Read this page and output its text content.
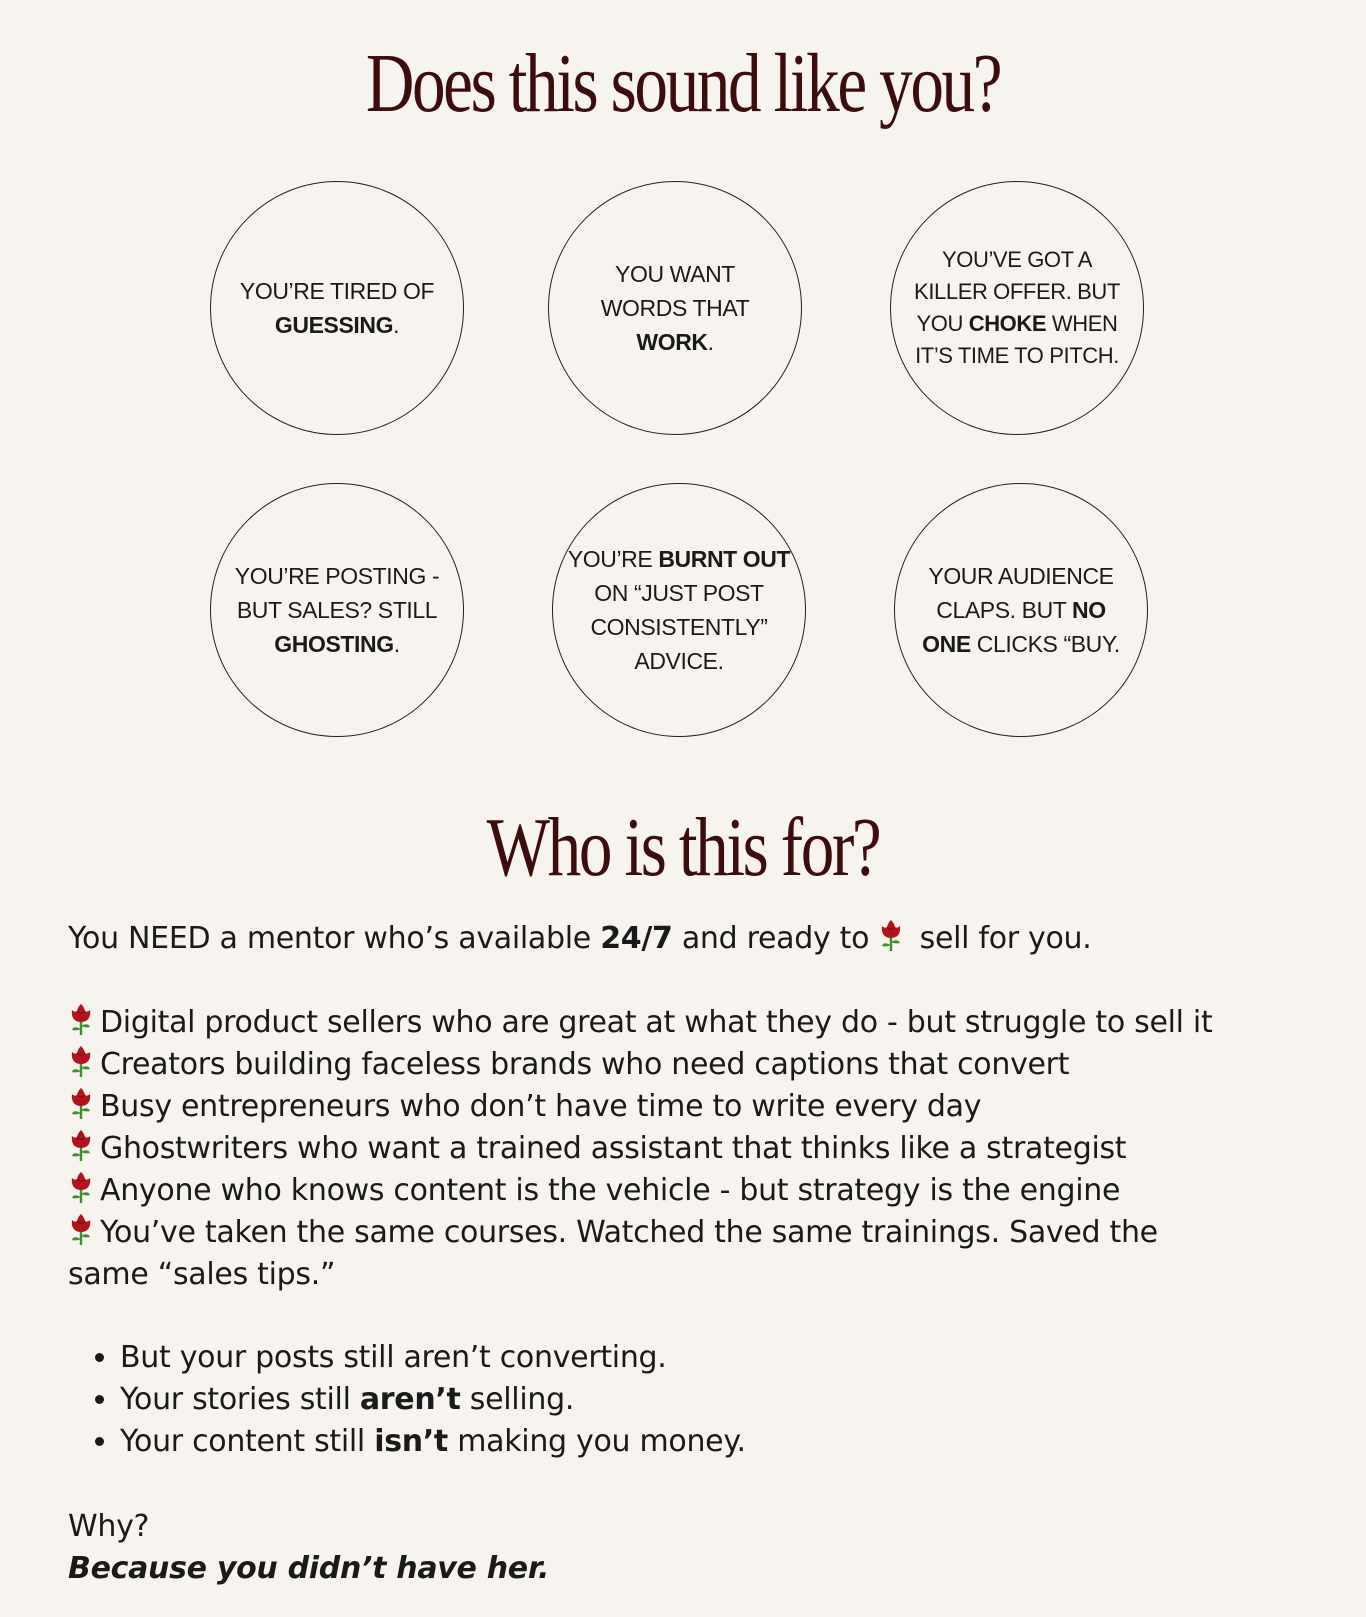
Does this sound like you?
YOU’RE TIRED OF GUESSING.
YOU WANT WORDS THAT WORK.
YOU’VE GOT A KILLER OFFER. BUT YOU CHOKE WHEN IT’S TIME TO PITCH.
YOU’RE POSTING - BUT SALES? STILL GHOSTING.
YOU’RE BURNT OUT ON “JUST POST CONSISTENTLY” ADVICE.
YOUR AUDIENCE CLAPS. BUT NO ONE CLICKS “BUY.
Who is this for?
You NEED a mentor who’s available 24/7 and ready to  sell for you.
Digital product sellers who are great at what they do - but struggle to sell it
Creators building faceless brands who need captions that convert
Busy entrepreneurs who don’t have time to write every day
Ghostwriters who want a trained assistant that thinks like a strategist
Anyone who knows content is the vehicle - but strategy is the engine
You’ve taken the same courses. Watched the same trainings. Saved the same “sales tips.”
• But your posts still aren’t converting.
• Your stories still aren’t selling.
• Your content still isn’t making you money.
Why?
Because you didn’t have her.
